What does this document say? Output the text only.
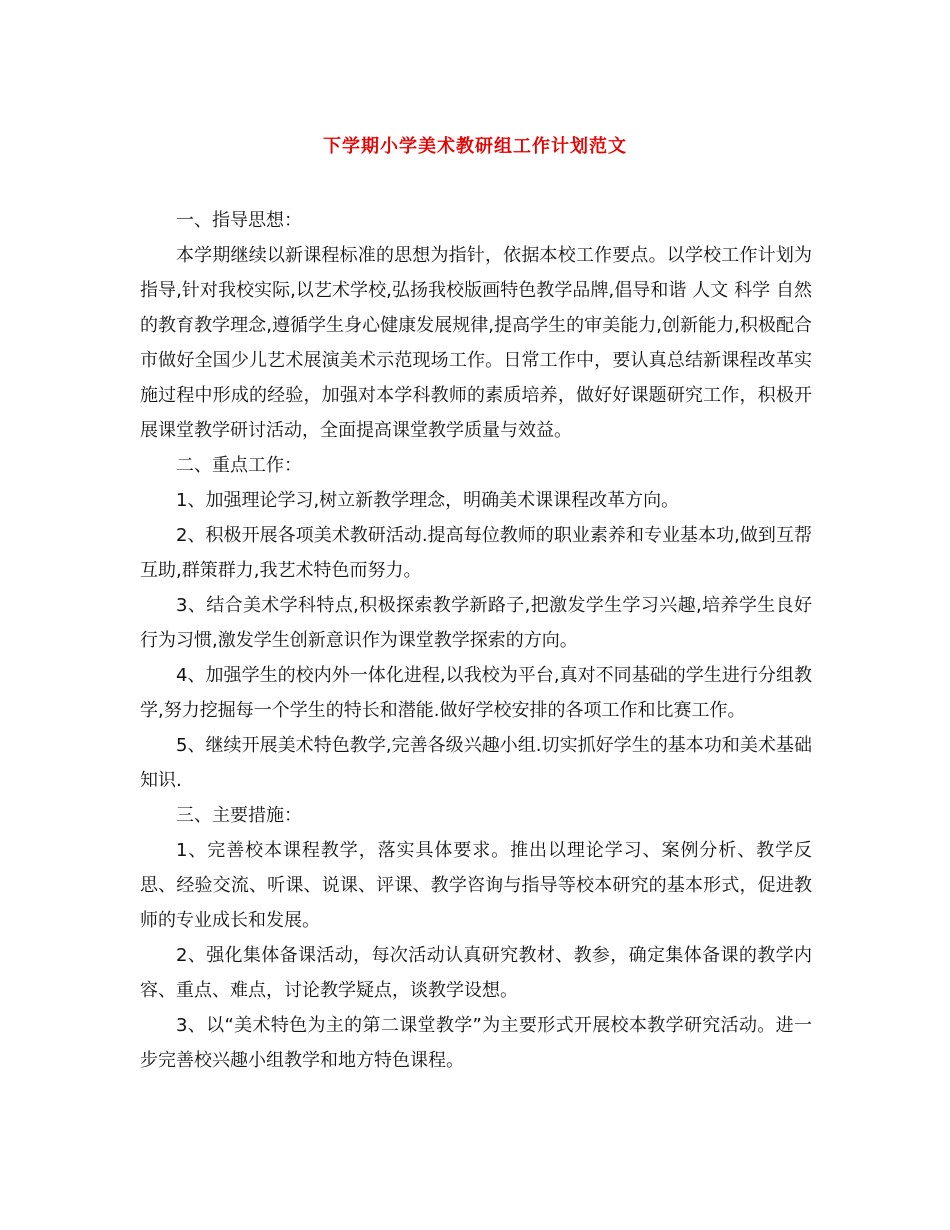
下学期小学美术教研组工作计划范文

一、指导思想：

本学期继续以新课程标准的思想为指针，依据本校工作要点。以学校工作计划为指导,针对我校实际,以艺术学校,弘扬我校版画特色教学品牌,倡导和谐 人文 科学 自然的教育教学理念,遵循学生身心健康发展规律,提高学生的审美能力,创新能力,积极配合市做好全国少儿艺术展演美术示范现场工作。日常工作中，要认真总结新课程改革实施过程中形成的经验，加强对本学科教师的素质培养，做好好课题研究工作，积极开展课堂教学研讨活动，全面提高课堂教学质量与效益。

二、重点工作：

1、加强理论学习,树立新教学理念，明确美术课课程改革方向。

2、积极开展各项美术教研活动.提高每位教师的职业素养和专业基本功,做到互帮互助,群策群力,我艺术特色而努力。

3、结合美术学科特点,积极探索教学新路子,把激发学生学习兴趣,培养学生良好行为习惯,激发学生创新意识作为课堂教学探索的方向。

4、加强学生的校内外一体化进程,以我校为平台,真对不同基础的学生进行分组教学,努力挖掘每一个学生的特长和潜能.做好学校安排的各项工作和比赛工作。

5、继续开展美术特色教学,完善各级兴趣小组.切实抓好学生的基本功和美术基础知识.

三、主要措施：

1、完善校本课程教学，落实具体要求。推出以理论学习、案例分析、教学反思、经验交流、听课、说课、评课、教学咨询与指导等校本研究的基本形式，促进教师的专业成长和发展。

2、强化集体备课活动，每次活动认真研究教材、教参，确定集体备课的教学内容、重点、难点，讨论教学疑点，谈教学设想。

3、以“美术特色为主的第二课堂教学”为主要形式开展校本教学研究活动。进一步完善校兴趣小组教学和地方特色课程。
